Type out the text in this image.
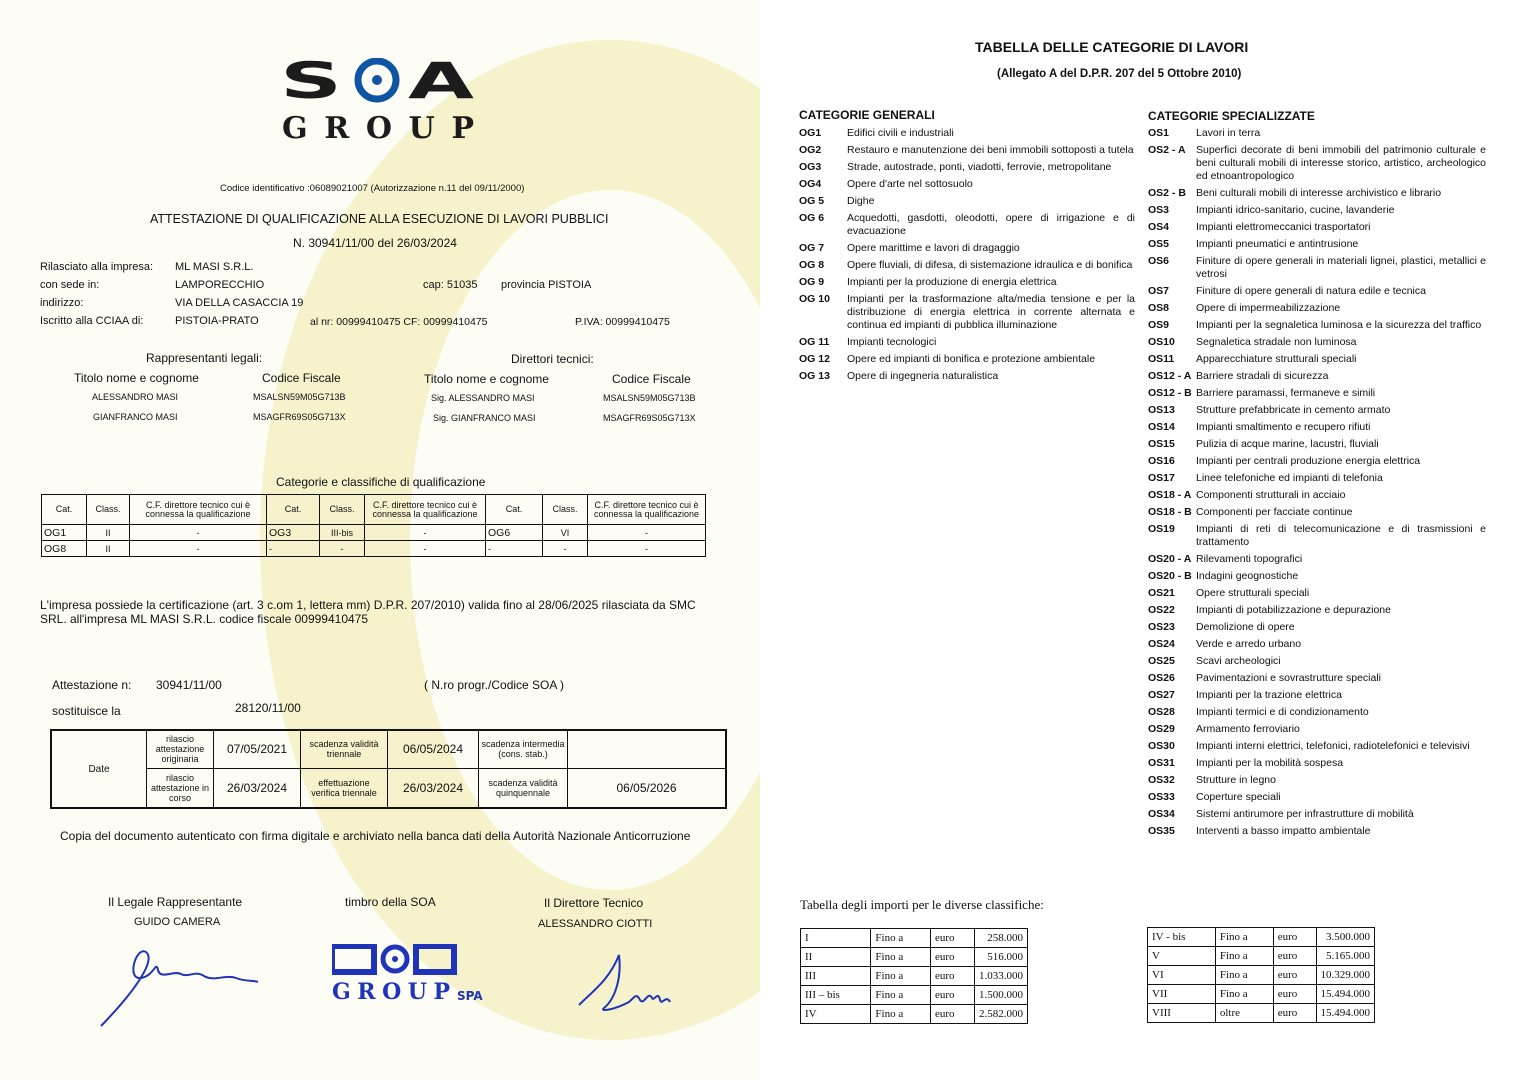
S A
GROUP
Codice identificativo :06089021007 (Autorizzazione n.11 del 09/11/2000)
ATTESTAZIONE DI QUALIFICAZIONE ALLA ESECUZIONE DI LAVORI PUBBLICI
N. 30941/11/00 del 26/03/2024
Rilasciato alla impresa: ML MASI S.R.L.
con sede in:	LAMPORECCHIO	cap: 51035 provincia PISTOIA
indirizzo:	VIA DELLA CASACCIA 19
Iscritto alla CCIAA di:	PISTOIA-PRATO	al nr: 00999410475 CF: 00999410475	P.IVA: 00999410475
Rappresentanti legali:
Titolo nome e cognome	Codice Fiscale
ALESSANDRO MASI	MSALSN59M05G713B
GIANFRANCO MASI	MSAGFR69S05G713X
Direttori tecnici:
Titolo nome e cognome	Codice Fiscale
Sig. ALESSANDRO MASI	MSALSN59M05G713B
Sig. GIANFRANCO MASI	MSAGFR69S05G713X
Categorie e classifiche di qualificazione
Cat.	Class.	C.F. direttore tecnico cui è connessa la qualificazione	Cat.	Class.	C.F. direttore tecnico cui è connessa la qualificazione	Cat.	Class.	C.F. direttore tecnico cui è connessa la qualificazione
OG1	II	-	OG3	III-bis	-	OG6	VI	-
OG8	II	-	-	-	-	-	-	-
L'impresa possiede la certificazione (art. 3 c.om 1, lettera mm) D.P.R. 207/2010) valida fino al 28/06/2025 rilasciata da SMC SRL. all'impresa ML MASI S.R.L. codice fiscale 00999410475
Attestazione n: 30941/11/00	( N.ro progr./Codice SOA )
sostituisce la	28120/11/00
Date	rilascio attestazione originaria	07/05/2021	scadenza validità triennale	06/05/2024	scadenza intermedia (cons. stab.)	
	rilascio attestazione in corso	26/03/2024	effettuazione verifica triennale	26/03/2024	scadenza validità quinquennale	06/05/2026
Copia del documento autenticato con firma digitale e archiviato nella banca dati della Autorità Nazionale Anticorruzione
Il Legale Rappresentante
GUIDO CAMERA
timbro della SOA	Il Direttore Tecnico
ALESSANDRO CIOTTI
GROUP SPA
TABELLA DELLE CATEGORIE DI LAVORI
(Allegato A del D.P.R. 207 del 5 Ottobre 2010)
CATEGORIE GENERALI
OG1	Edifici civili e industriali
OG2	Restauro e manutenzione dei beni immobili sottoposti a tutela
OG3	Strade, autostrade, ponti, viadotti, ferrovie, metropolitane
OG4	Opere d'arte nel sottosuolo
OG 5	Dighe
OG 6	Acquedotti, gasdotti, oleodotti, opere di irrigazione e di evacuazione
OG 7	Opere marittime e lavori di dragaggio
OG 8	Opere fluviali, di difesa, di sistemazione idraulica e di bonifica
OG 9	Impianti per la produzione di energia elettrica
OG 10	Impianti per la trasformazione alta/media tensione e per la distribuzione di energia elettrica in corrente alternata e continua ed impianti di pubblica illuminazione
OG 11	Impianti tecnologici
OG 12	Opere ed impianti di bonifica e protezione ambientale
OG 13	Opere di ingegneria naturalistica
CATEGORIE SPECIALIZZATE
OS1	Lavori in terra
OS2 - A Superfici decorate di beni immobili del patrimonio culturale e beni culturali mobili di interesse storico, artistico, archeologico ed etnoantropologico
OS2 - B Beni culturali mobili di interesse archivistico e librario
OS3	Impianti idrico-sanitario, cucine, lavanderie
OS4	Impianti elettromeccanici trasportatori
OS5	Impianti pneumatici e antintrusione
OS6	Finiture di opere generali in materiali lignei, plastici, metallici e vetrosi
OS7	Finiture di opere generali di natura edile e tecnica
OS8	Opere di impermeabilizzazione
OS9	Impianti per la segnaletica luminosa e la sicurezza del traffico
OS10	Segnaletica stradale non luminosa
OS11	Apparecchiature strutturali speciali
OS12 - A Barriere stradali di sicurezza
OS12 - B Barriere paramassi, fermaneve e simili
OS13	Strutture prefabbricate in cemento armato
OS14	Impianti smaltimento e recupero rifiuti
OS15	Pulizia di acque marine, lacustri, fluviali
OS16	Impianti per centrali produzione energia elettrica
OS17	Linee telefoniche ed impianti di telefonia
OS18 - A Componenti strutturali in acciaio
OS18 - B Componenti per facciate continue
OS19	Impianti di reti di telecomunicazione e di trasmissioni e trattamento
OS20 - A Rilevamenti topografici
OS20 - B Indagini geognostiche
OS21	Opere strutturali speciali
OS22	Impianti di potabilizzazione e depurazione
OS23	Demolizione di opere
OS24	Verde e arredo urbano
OS25	Scavi archeologici
OS26	Pavimentazioni e sovrastrutture speciali
OS27	Impianti per la trazione elettrica
OS28	Impianti termici e di condizionamento
OS29	Armamento ferroviario
OS30	Impianti interni elettrici, telefonici, radiotelefonici e televisivi
OS31	Impianti per la mobilità sospesa
OS32	Strutture in legno
OS33	Coperture speciali
OS34	Sistemi antirumore per infrastrutture di mobilità
OS35	Interventi a basso impatto ambientale
Tabella degli importi per le diverse classifiche:
I	Fino a	euro	258.000
II	Fino a	euro	516.000
III	Fino a	euro	1.033.000
III – bis	Fino a	euro	1.500.000
IV	Fino a	euro	2.582.000
IV - bis	Fino a	euro	3.500.000
V	Fino a	euro	5.165.000
VI	Fino a	euro	10.329.000
VII	Fino a	euro	15.494.000
VIII	oltre	euro	15.494.000
